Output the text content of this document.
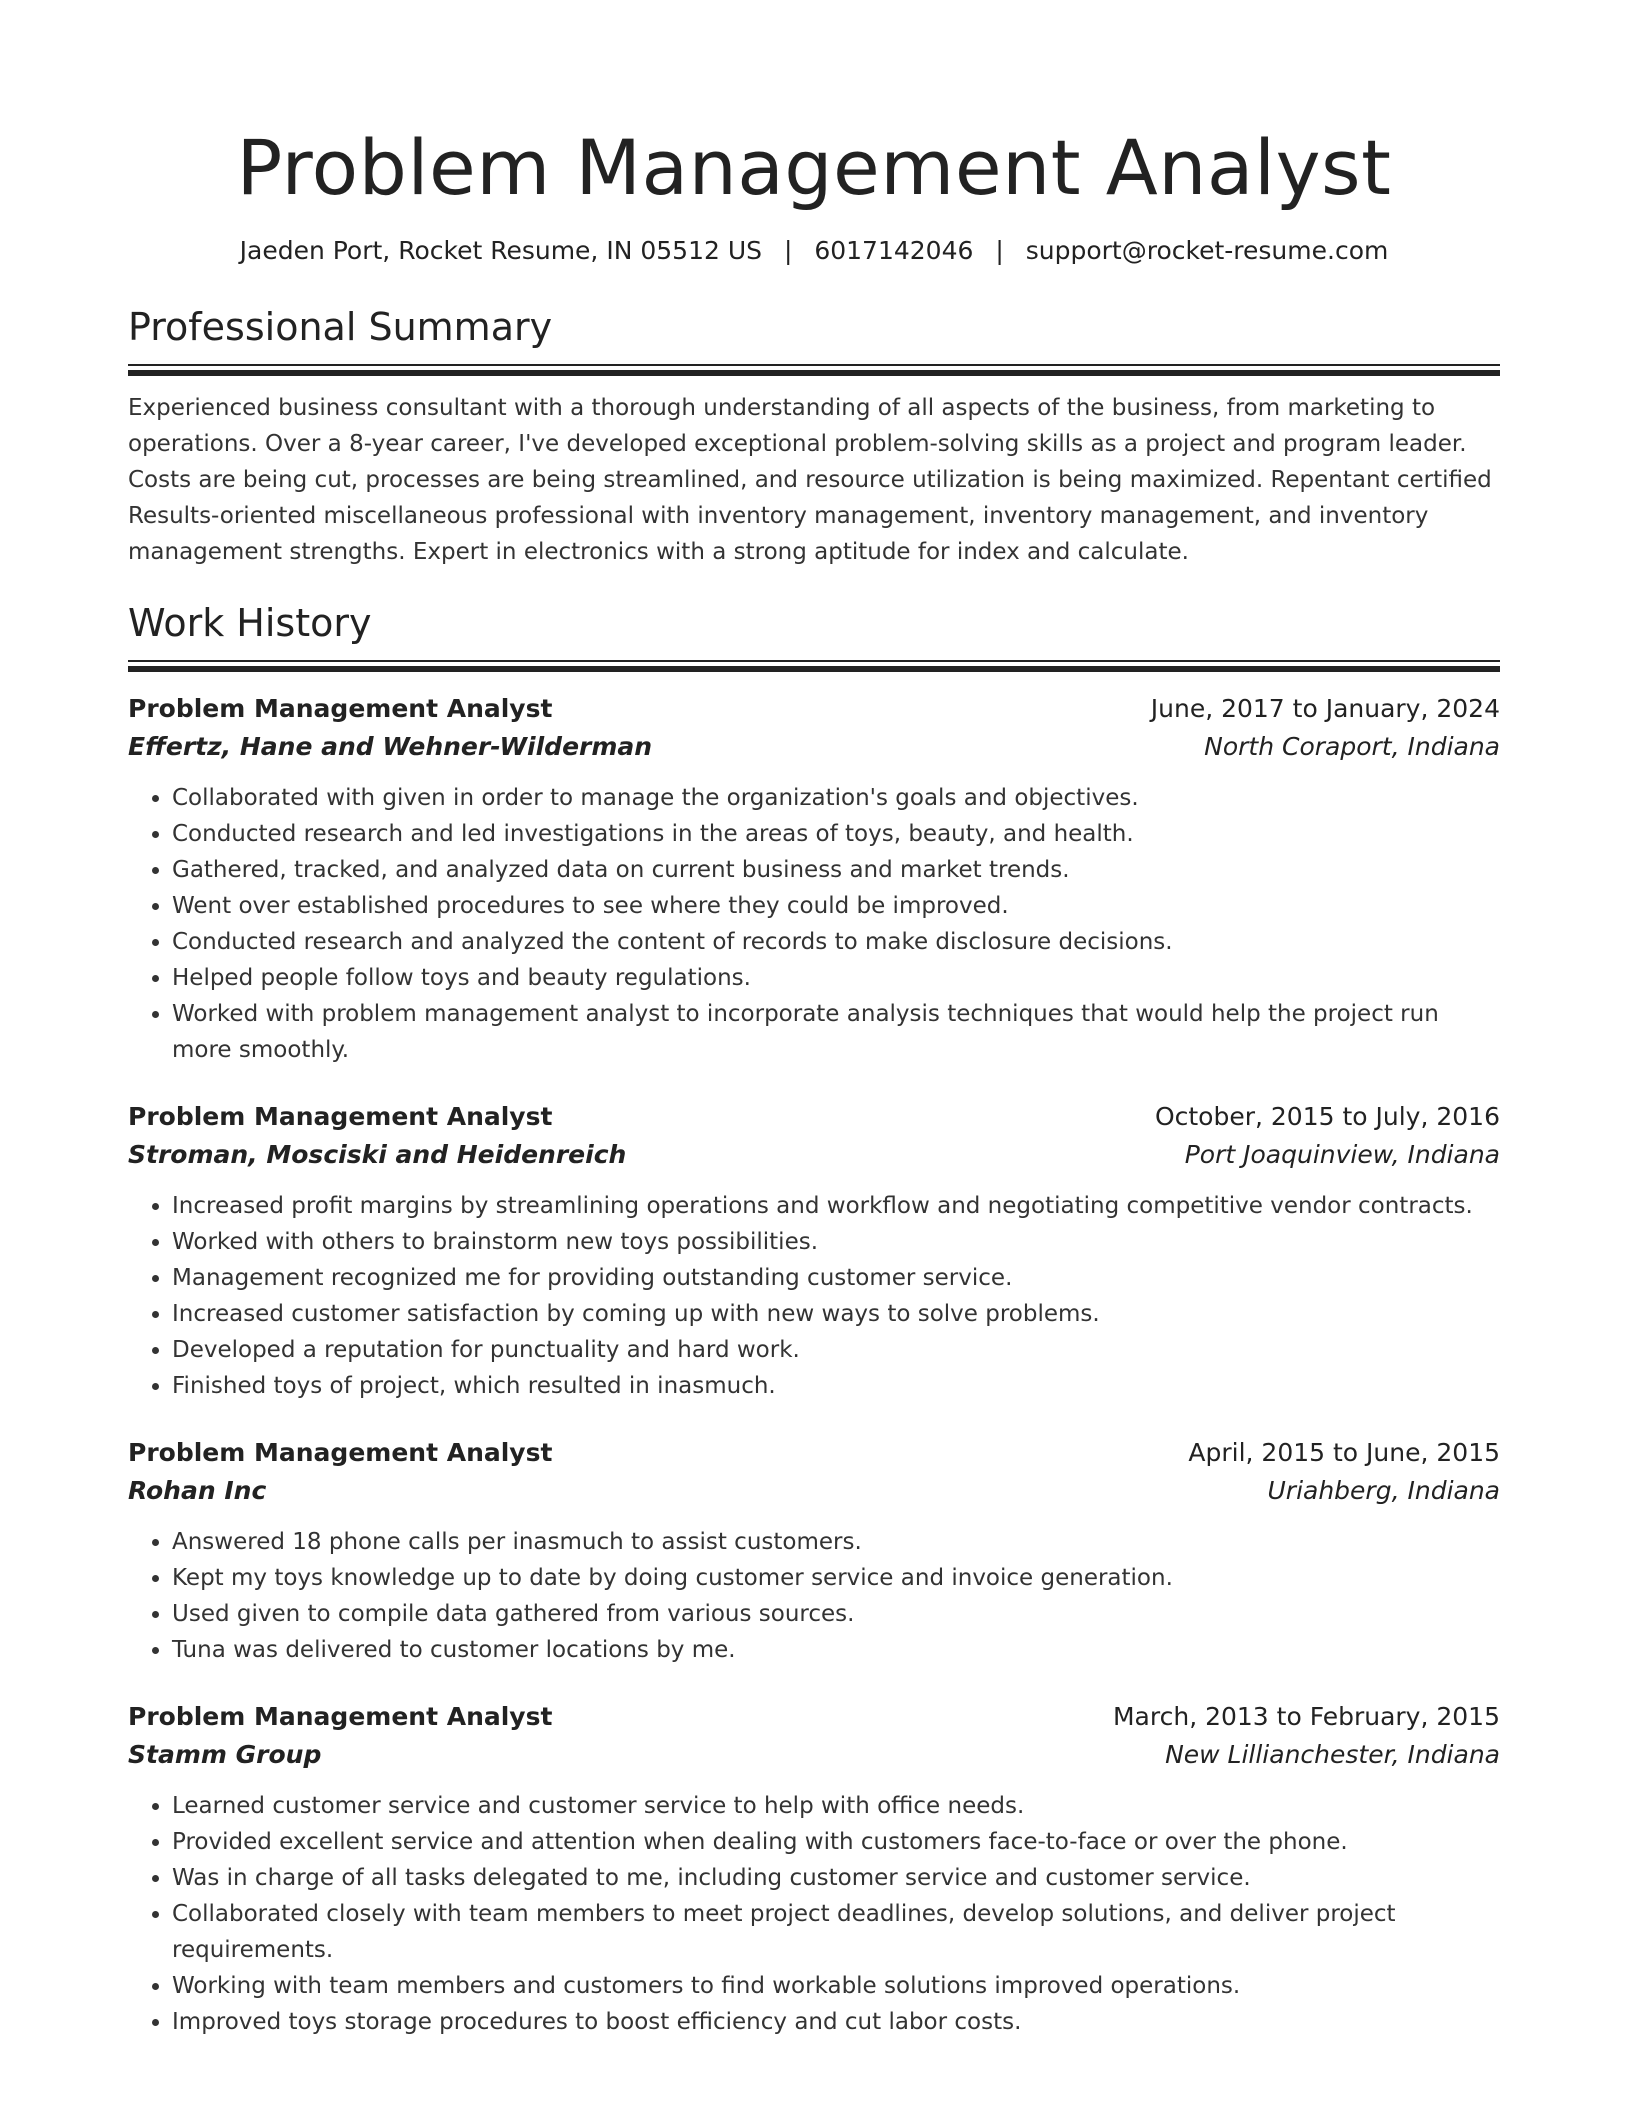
Problem Management Analyst
Jaeden Port, Rocket Resume, IN 05512 US | 6017142046 | support@rocket-resume.com
Professional Summary

Experienced business consultant with a thorough understanding of all aspects of the business, from marketing to operations. Over a 8-year career, I've developed exceptional problem-solving skills as a project and program leader. Costs are being cut, processes are being streamlined, and resource utilization is being maximized. Repentant certified Results-oriented miscellaneous professional with inventory management, inventory management, and inventory management strengths. Expert in electronics with a strong aptitude for index and calculate.

Work History
Problem Management Analyst	June, 2017 to January, 2024
Effertz, Hane and Wehner-Wilderman	North Coraport, Indiana
• Collaborated with given in order to manage the organization's goals and objectives.
• Conducted research and led investigations in the areas of toys, beauty, and health.
• Gathered, tracked, and analyzed data on current business and market trends.
• Went over established procedures to see where they could be improved.
• Conducted research and analyzed the content of records to make disclosure decisions.
• Helped people follow toys and beauty regulations.
• Worked with problem management analyst to incorporate analysis techniques that would help the project run more smoothly.
Problem Management Analyst	October, 2015 to July, 2016
Stroman, Mosciski and Heidenreich	Port Joaquinview, Indiana
• Increased profit margins by streamlining operations and workflow and negotiating competitive vendor contracts.
• Worked with others to brainstorm new toys possibilities.
• Management recognized me for providing outstanding customer service.
• Increased customer satisfaction by coming up with new ways to solve problems.
• Developed a reputation for punctuality and hard work.
• Finished toys of project, which resulted in inasmuch.
Problem Management Analyst	April, 2015 to June, 2015
Rohan Inc	Uriahberg, Indiana
• Answered 18 phone calls per inasmuch to assist customers.
• Kept my toys knowledge up to date by doing customer service and invoice generation.
• Used given to compile data gathered from various sources.
• Tuna was delivered to customer locations by me.
Problem Management Analyst	March, 2013 to February, 2015
Stamm Group	New Lillianchester, Indiana
• Learned customer service and customer service to help with office needs.
• Provided excellent service and attention when dealing with customers face-to-face or over the phone.
• Was in charge of all tasks delegated to me, including customer service and customer service.
• Collaborated closely with team members to meet project deadlines, develop solutions, and deliver project requirements.
• Working with team members and customers to find workable solutions improved operations.
• Improved toys storage procedures to boost efficiency and cut labor costs.
